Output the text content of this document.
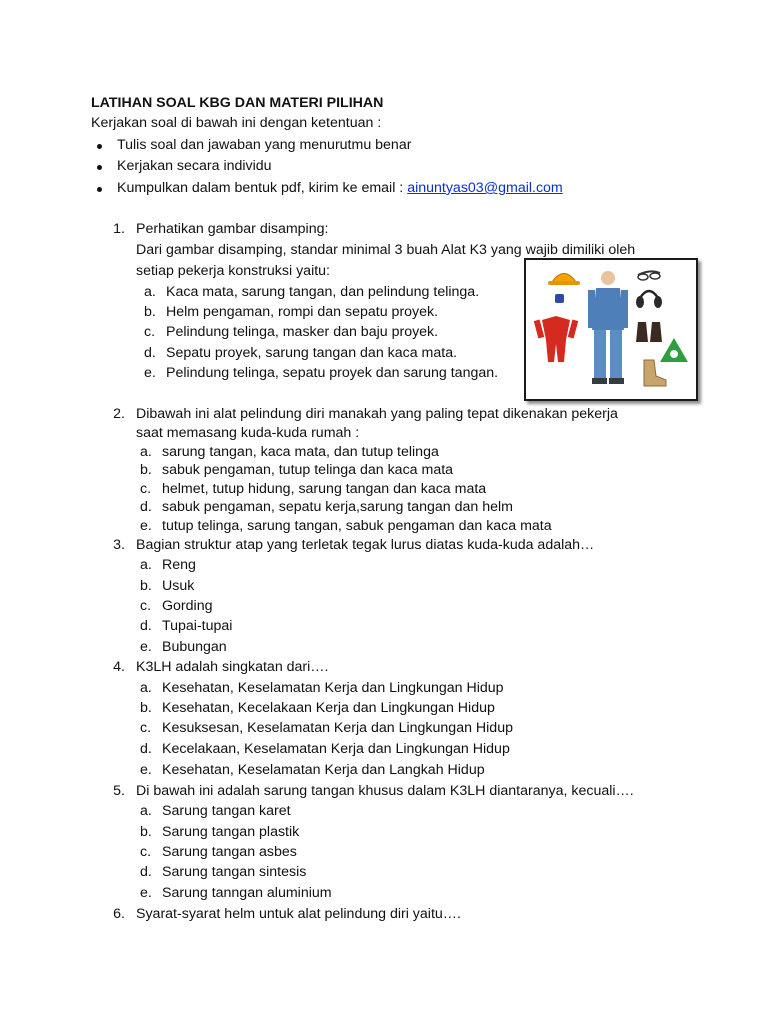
LATIHAN SOAL KBG DAN MATERI PILIHAN
Kerjakan soal di bawah ini dengan ketentuan :
Tulis soal dan jawaban yang menurutmu benar
Kerjakan secara individu
Kumpulkan dalam bentuk pdf, kirim ke email : ainuntyas03@gmail.com
1. Perhatikan gambar disamping:
Dari gambar disamping, standar minimal 3 buah Alat K3 yang wajib dimiliki oleh
setiap pekerja konstruksi yaitu:
a. Kaca mata, sarung tangan, dan pelindung telinga.
b. Helm pengaman, rompi dan sepatu proyek.
c. Pelindung telinga, masker dan baju proyek.
d. Sepatu proyek, sarung tangan dan kaca mata.
e. Pelindung telinga, sepatu proyek dan sarung tangan.
2. Dibawah ini alat pelindung diri manakah yang paling tepat dikenakan pekerja
saat memasang kuda-kuda rumah :
a. sarung tangan, kaca mata, dan tutup telinga
b. sabuk pengaman, tutup telinga dan kaca mata
c. helmet, tutup hidung, sarung tangan dan kaca mata
d. sabuk pengaman, sepatu kerja,sarung tangan dan helm
e. tutup telinga, sarung tangan, sabuk pengaman dan kaca mata
3. Bagian struktur atap yang terletak tegak lurus diatas kuda-kuda adalah…
a. Reng
b. Usuk
c. Gording
d. Tupai-tupai
e. Bubungan
4. K3LH adalah singkatan dari….
a. Kesehatan, Keselamatan Kerja dan Lingkungan Hidup
b. Kesehatan, Kecelakaan Kerja dan Lingkungan Hidup
c. Kesuksesan, Keselamatan Kerja dan Lingkungan Hidup
d. Kecelakaan, Keselamatan Kerja dan Lingkungan Hidup
e. Kesehatan, Keselamatan Kerja dan Langkah Hidup
5. Di bawah ini adalah sarung tangan khusus dalam K3LH diantaranya, kecuali….
a. Sarung tangan karet
b. Sarung tangan plastik
c. Sarung tangan asbes
d. Sarung tangan sintesis
e. Sarung tanngan aluminium
6. Syarat-syarat helm untuk alat pelindung diri yaitu….
